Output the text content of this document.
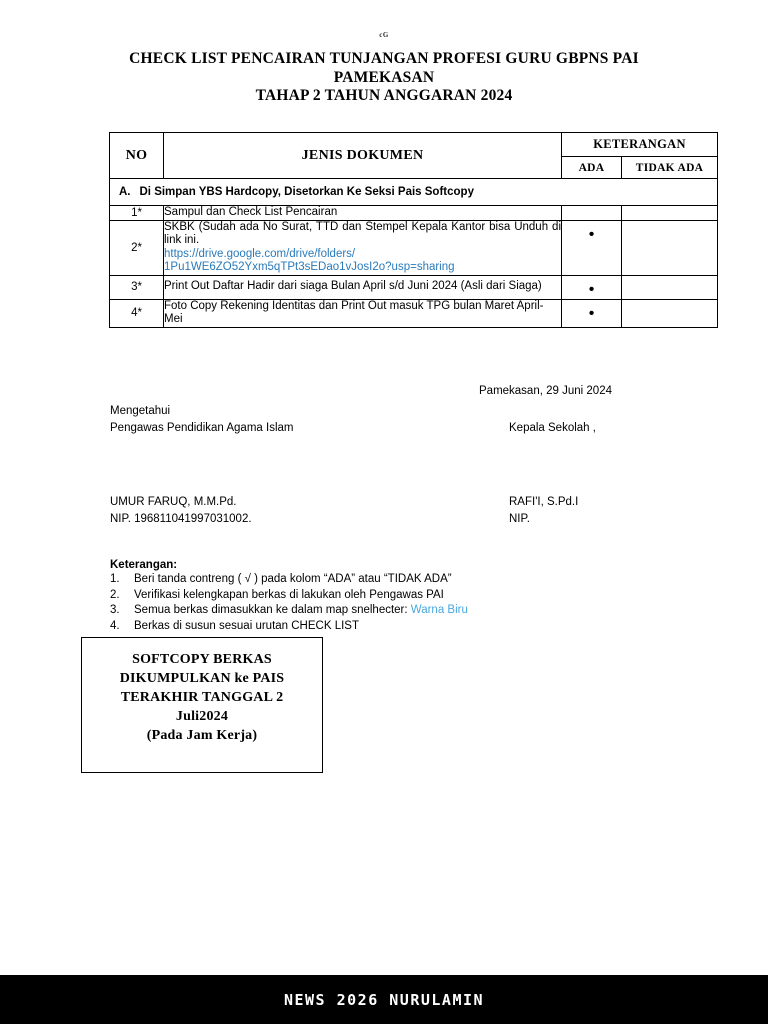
cG
CHECK LIST PENCAIRAN TUNJANGAN PROFESI GURU GBPNS PAI
PAMEKASAN
TAHAP 2 TAHUN ANGGARAN 2024
NO	JENIS DOKUMEN	KETERANGAN	
		ADA	TIDAK ADA
A. Di Simpan YBS Hardcopy, Disetorkan Ke Seksi Pais Softcopy			
1*	Sampul dan Check List Pencairan		
2*	SKBK (Sudah ada No Surat, TTD dan Stempel Kepala Kantor bisa Unduh di link ini.
https://drive.google.com/drive/folders/
1Pu1WE6ZO52Yxm5qTPt3sEDao1vJosI2o?usp=sharing	•	
3*	Print Out Daftar Hadir dari siaga Bulan April s/d Juni 2024 (Asli dari Siaga)	•	
4*	Foto Copy Rekening Identitas dan Print Out masuk TPG bulan Maret April-Mei	•	
Pamekasan, 29 Juni 2024
Mengetahui
Pengawas Pendidikan Agama Islam	Kepala Sekolah ,
UMUR FARUQ, M.M.Pd.
NIP. 196811041997031002.
RAFI'I, S.Pd.I
NIP.
Keterangan:
1.	Beri tanda contreng ( √ ) pada kolom “ADA” atau “TIDAK ADA”
2.	Verifikasi kelengkapan berkas di lakukan oleh Pengawas PAI
3.	Semua berkas dimasukkan ke dalam map snelhecter: Warna Biru
4.	Berkas di susun sesuai urutan CHECK LIST
SOFTCOPY BERKAS
DIKUMPULKAN ke PAIS
TERAKHIR TANGGAL 2
Juli2024
(Pada Jam Kerja)
NEWS 2026 NURULAMIN
